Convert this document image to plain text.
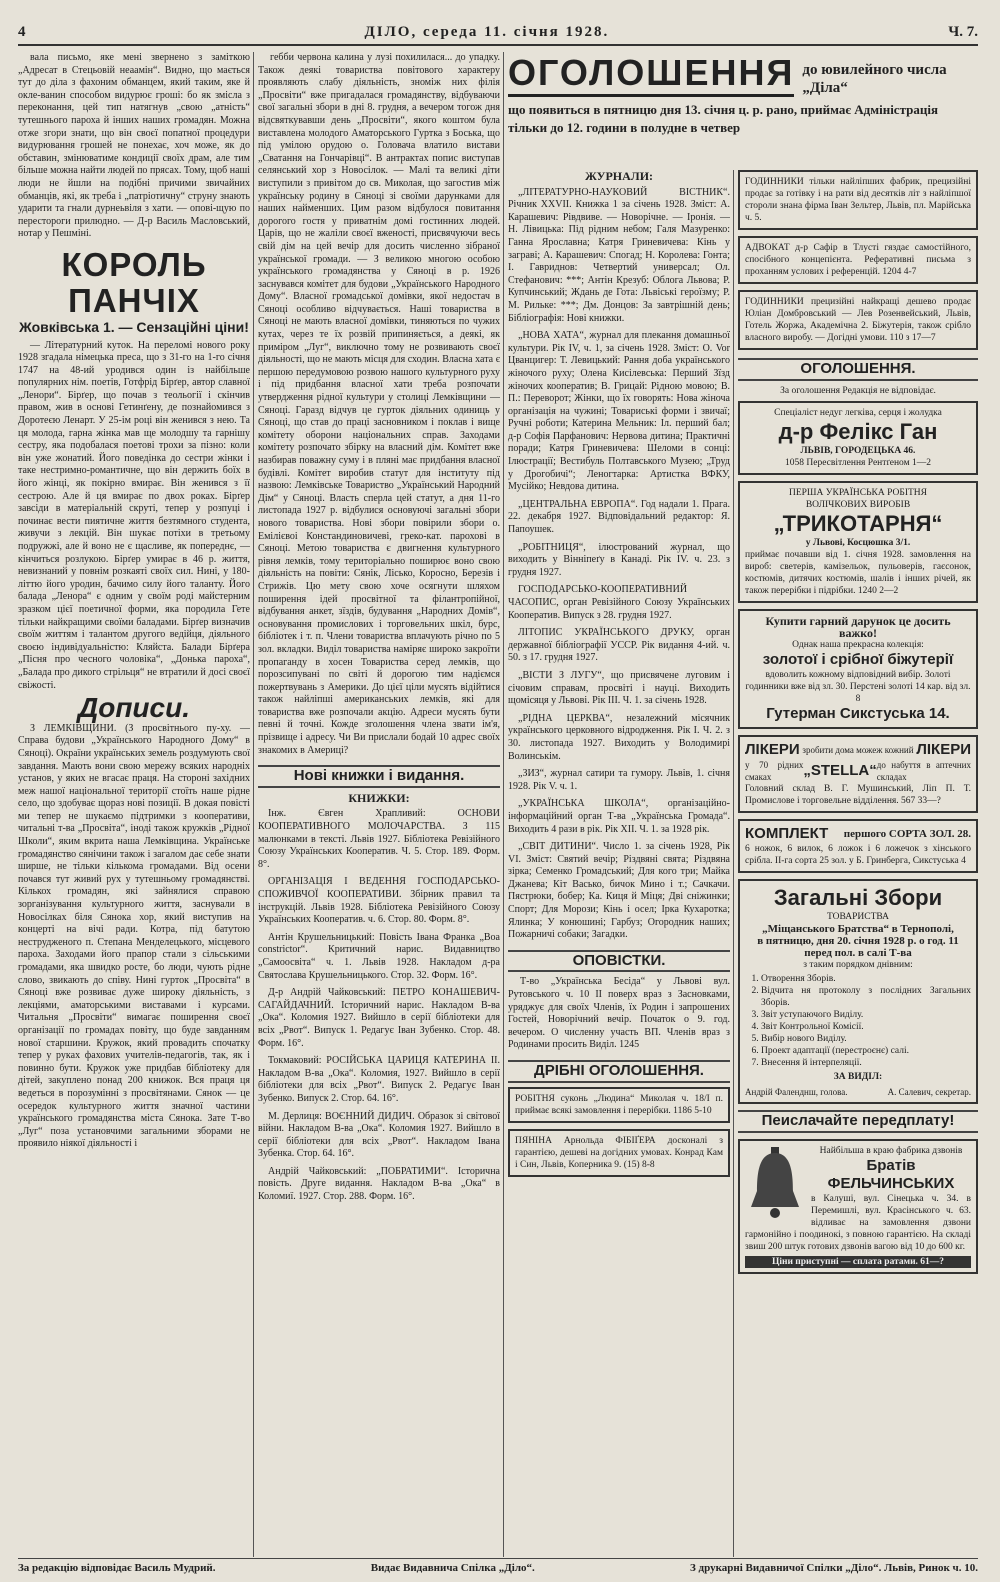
4	ДІЛО, середа 11. січня 1928.	Ч. 7.

вала письмо, яке мені звернено з заміткою „Адресат в Стецьовій неаамін“. Видно, що мається тут до діла з фахоним обманцем, який таким, яке й окле-ванин способом видурює гроші: бо як змісла з переконання, цей тип натягнув „свою „атність“ тутешнього пароха й інших наших громадян. Можна отже згори знати, що він своєї попатної процедури видурювання грошей не понехає, хоч може, як до обставин, змінюватиме кондиції своїх драм, але тим більше можна найти людей по прясах. Тому, щоб наші люди не йшли на подібні причими звичайних обманців, які, як треба і „патріотичну“ струну знають ударити та гнали дурнеьвіля з хати. — опові-щую по перестороги прилюдно. — Д-р Василь Масловський, нотар у Пешміні.

КОРОЛЬ ПАНЧІХ
Жовківська 1. — Сензаційні ціни!

— Літературний куток. На переломі нового року 1928 згадала німецька преса, що з 31-го на 1-го січня 1747 на 48-ий уродився один із найбільше популярних нім. поетів, Готфрід Бірґер, автор славної „Ленори“. Бірґер, що почав з теольогії і скінчив правом, жив в основі Гетинґену, де познайомився з Доротеєю Ленарт. У 25-ім році він женився з нею. Та ця молода, гарна жінка мав ще молодшу та гарнішу сестру, яка подобалася поетові трохи за пізно: коли він уже жонатий. Його поведінка до сестри жінки і таке нестримно-романтичне, що він держить боїх в його жінці, як покірно вмирає. Він женився з її сестрою. Але й ця вмирає по двох роках. Бірґер завсіди в матеріальній скруті, тепер у розпуці і починає вести пиятичне життя безтямного студента, живучи з лекцій. Він шукає потіхи в третьому подружжі, але й воно не є щасливе, як попереднє, — кінчиться розлукою. Бірґер умирає в 46 р. життя, невизнаний у повнім розкаяті своїх сил. Нині, у 180-літтю його уродин, бачимо силу його таланту. Його балада „Ленора“ є одним у своїм роді майстерним зразком цієї поетичної форми, яка породила Гете тільки найкращими своїми баладами. Бірґер визначив своїм життям і талантом другого ведійця, діяльного своєю індивідуальністю: Кляйста. Балади Бірґера „Пісня про чесного чоловіка“, „Донька пароха“, „Балада про дикого стрільця“ не втратили й досі своєї свіжості.

Дописи.

З ЛЕМКІВЩИНИ. (З просвітнього пу-ху. — Справа будови „Українського Народного Дому“ в Сяноці). Окраїни українських земель роздумують свої завдання. Мають вони свою мережу всяких народніх установ, у яких не вгасає праця. На стороні західних меж нашої національної території стоїть наше рідне село, що здобуває щораз нові позиції. В докая повісті ми тепер не шукаємо підтримки з кооперативи, читальні т-ва „Просвіта“, іноді також кружків „Рідної Школи“, яким вкрита наша Лемківщина. Українське громадянство сянічини також і загалом дає себе знати ширше, не тільки кількома громадами. Від осени почався тут живий рух у тутешньому громадянстві. Кількох громадян, які зайнялися справою зорганізування культурного життя, заснували в Новосілках біля Сянока хор, який виступив на концерті на вічі ради. Котра, під батутою неструдженого п. Степана Менделецького, місцевого пароха. Заходами його прапор стали з сільськими громадами, яка швидко росте, бо люди, чують рідне слово, звикають до співу. Нині гурток „Просвіта“ в Сяноці вже розвиває дуже широку діяльність, з лекціями, аматорськими виставами і курсами. Читальня „Просвіти“ вимагає поширення своєї організації по громадах повіту, що буде завданням нової старшини. Кружок, який провадить спочатку тепер у руках фахових учителів-педагогів, так, як і повинно бути. Кружок уже придбав бібліотеку для дітей, закуплено понад 200 книжок. Вся праця ця ведеться в порозумінні з просвітянами. Сянок — це осередок культурного життя значної частини українського громадянства міста Сянока. Зате Т-во „Луг“ поза установчими загальними зборами не проявило ніякої діяльності і

гебби червона калина у лузі похилилася... до упадку. Також деякі товариства повітового характеру проявляють слабу діяльність, зноміж них філія „Просвіти“ вже пригадалася громадянству, відбуваючи свої загальні збори в дні 8. грудня, а вечером тогож дня відсвяткувавши день „Просвіти“, якого коштом була виставлена молодого Аматорського Гуртка з Боська, що під умілою орудою о. Головача влатило вистави „Сватання на Гончарівці“. В антрактах попис виступав селянський хор з Новосілок. — Малі та великі діти виступили з привітом до св. Миколая, що загостив між українську родину в Сяноці зі своїми дарунками для наших найменших. Цим разом відбулося повитання дорогого гостя у приватнім домі гостинних людей. Царів, що не жаліли своєї вженості, присвячуючи весь свій дім на цей вечір для досить численно зібраної української громади. — З великою многою особою українського громадянства у Сяноці в р. 1926 заснувався комітет для будови „Українського Народного Дому“. Власної громадської домівки, якої недостач в Сяноці особливо відчувається. Наші товариства в Сяноці не мають власної домівки, тиняються по чужих кутах, через те їх розвій припиняється, а деякі, як приміром „Луг“, виключно тому не розвивають своєї діяльності, що не мають місця для сходин. Власна хата є першою передумовою розвою нашого культурного руху і під придбання власної хати треба розпочати утвердження рідної культури у столиці Лемківщини — Сяноці. Гаразд відчув це гурток діяльних одиниць у Сяноці, що став до праці засновником і поклав і вище комітету оборони національних справ. Заходами комітету розпочато збірку на власний дім. Комітет вже назбирав поважну суму і в пляні має придбання власної будівлі. Комітет виробив статут для інституту під назвою: Лемківське Товариство „Український Народний Дім“ у Сяноці. Власть сперла цей статут, а дня 11-го листопада 1927 р. відбулися основуючі загальні збори нового товариства. Нові збори повірили збори о. Емілієвоі Констандиновичеві, греко-кат. парохові в Сяноці. Метою товариства є двигнення культурного рівня лемків, тому територіально поширює воно свою діяльність на повіти: Сянік, Лісько, Коросно, Березів і Стрижів. Цю мету свою хоче осягнути шляхом поширення ідей просвітної та філантропійної, відбування анкет, зїздів, будування „Народних Домів“, основування промислових і торговельних шкіл, бурс, бібліотек і т. п. Члени товариства вплачують річно по 5 зол. вкладки. Виділ товариства наміряє широко закроїти пропаганду в хосен Товариства серед лемків, що порозсипувані по світі й дорогою тим надіємся пожертвувань з Америки. До цієї ціли мусять відійтися також найліпші американських лемків, які для товариства вже розпочали акцію. Адреси мусять бути певні й точні. Кожде зголошення члена звати ім'я, прізвище і адресу. Чи Ви прислали бодай 10 адрес своїх знакомих в Америці?

Нові книжки і видання.
КНИЖКИ:

Інж. Євген Храпливий: ОСНОВИ КООПЕРАТИВНОГО МОЛОЧАРСТВА. З 115 малюнками в тексті. Львів 1927. Бібліотека Ревізійного Союзу Українських Кооператив. Ч. 5. Стор. 189. Форм. 8°.

ОРГАНІЗАЦІЯ І ВЕДЕННЯ ГОСПОДАРСЬКО-СПОЖИВЧОЇ КООПЕРАТИВИ. Збірник правил та інструкцій. Львів 1928. Бібліотека Ревізійного Союзу Українських Кооператив. ч. 6. Стор. 80. Форм. 8°.

Антін Крушельницький: Повість Івана Франка „Boa constrictor“. Критичний нарис. Видавництво „Самоосвіта“ ч. 1. Львів 1928. Накладом д-ра Святослава Крушельницького. Стор. 32. Форм. 16°.

Д-р Андрій Чайковський: ПЕТРО КОНАШЕВИЧ-САГАЙДАЧНИЙ. Історичний нарис. Накладом В-ва „Ока“. Коломия 1927. Вийшло в серії бібліотеки для всіх „Рвот“. Випуск 1. Редагує Іван Зубенко. Стор. 48. Форм. 16°.

Токмаковий: РОСІЙСЬКА ЦАРИЦЯ КАТЕРИНА II. Накладом В-ва „Ока“. Коломия, 1927. Вийшло в серії бібліотеки для всіх „Рвот“. Випуск 2. Редагує Іван Зубенко. Випуск 2. Стор. 64. 16°.

М. Дерлиця: ВОЄННИЙ ДИДИЧ. Образок зі світової війни. Накладом В-ва „Ока“. Коломия 1927. Вийшло в серії бібліотеки для всіх „Рвот“. Накладом Івана Зубенка. Стор. 64. 16°.

Андрій Чайковський: „ПОБРАТИМИ“. Історична повість. Друге видання. Накладом В-ва „Ока“ в Коломиї. 1927. Стор. 288. Форм. 16°.

ОГОЛОШЕННЯ до ювилейного числа „Діла“
що появиться в пятницю дня 13. січня ц. р. рано, приймає Адміністрація тільки до 12. години в полудне в четвер
ЖУРНАЛИ:

„ЛІТЕРАТУРНО-НАУКОВИЙ ВІСТНИК“. Річник XXVII. Книжка 1 за січень 1928. Зміст: А. Карашевич: Рівдвиве. — Новорічне. — Іронія. — Н. Лівицька: Під рідним небом; Галя Мазуренко: Ганна Ярославна; Катря Гриневичева: Кінь у загравi; А. Карашевич: Спогад; Н. Королева: Гонта; І. Гавриднов: Четвертий универсал; Ол. Стефанович: ***; Антін Крезуб: Облога Львова; Р. Купчинський; Ждань де Гота: Львіські героїзму; Р. М. Рильке: ***; Дм. Донцов: За завтрішній день; Бібліографія: Нові книжки.

„НОВА ХАТА“, журнал для плекання домашньої культури. Рік IV, ч. 1, за січень 1928. Зміст: О. Vor Цванцигер: Т. Левицький: Рання доба українського жіночого руху; Олена Кисілевська: Перший Зїзд жіночих кооператив; В. Грицай: Рідною мовою; В. П.: Переворот; Жінки, що їх говорять: Нова жіноча організація на чужині; Товариські форми і звичаї; Ручні роботи; Катерина Мельник: Іл. перший бал; д-р Софія Парфанович: Нервова дитина; Практичні поради; Катря Гриневичева: Шеломи в сонці: Ілюстрації; Вестибуль Полтавського Музею; „Труд у Дрогобичі“; Леногтарка: Артистка ВФКУ, Мусійко; Невдова дитина.

„ЦЕНТРАЛЬНА ЕВРОПА“. Год надали 1. Прага. 22. декабря 1927. Відповідальний редактор: Я. Папоушек.

„РОБІТНИЦЯ“, ілюстрований журнал, що виходить у Вінніпеґу в Канаді. Рік IV. ч. 23. з грудня 1927.

ГОСПОДАРСЬКО-КООПЕРАТИВНИЙ ЧАСОПИС, орган Ревізійного Союзу Українських Кооператив. Випуск з 28. грудня 1927.

ЛІТОПИС УКРАЇНСЬКОГО ДРУКУ, орган державної бібліографії УССР. Рік видання 4-ий. ч. 50. з 17. грудня 1927.

„ВІСТИ З ЛУГУ“, що присвячене луговим і січовим справам, просвіті і науці. Виходить щомісяця у Львові. Рік III. Ч. 1. за січень 1928.

„РІДНА ЦЕРКВА“, незалежний місячник українського церковного відродження. Рік І. Ч. 2. з 30. листопада 1927. Виходить у Володимирі Волинськім.

„ЗИЗ“, журнал сатири та гумору. Львів, 1. січня 1928. Рік V. ч. 1.

„УКРАЇНСЬКА ШКОЛА“, організаційно-інформаційний орган Т-ва „Українська Громада“. Виходить 4 рази в рік. Рік XII. Ч. 1. за 1928 рік.

„СВІТ ДИТИНИ“. Число 1. за січень 1928, Рік VI. Зміст: Святий вечір; Різдвяні свята; Різдвяна зірка; Семенко Громадський; Для кого три; Майка Джанева; Кіт Васько, бичок Мино і т.; Сачкачи. Пястрюки, бобер; Ка. Киця й Міця; Дві сніжинки; Спорт; Для Морози; Кінь і осел; Ірка Кухаротка; Ялинка; У конюшині; Гарбуз; Огородник наших; Пожарничі собаки; Загадки.

ОПОВІСТКИ.

Т-во „Українська Бесіда“ у Львові вул. Рутовського ч. 10 ІІ поверх враз з Засновками, уряджує для своїх Членів, їх Родин і запрошених Гостей, Новорічний вечір. Початок о 9. год. вечером. О численну участь ВП. Членів враз з Родинами просить Виділ. 1245

ДРІБНІ ОГОЛОШЕННЯ.
РОБІТНЯ суконь „Людина“ Миколая ч. 18/І п. приймає всякі замовлення і перерібки. 1186 5-10
ПЯНІНА Арнольда ФІБІҐЕРА досконалі з гарантією, дешеві на догідних умовах. Конрад Кам і Син, Львів, Коперника 9. (15) 8-8
ГОДИННИКИ тільки найліпших фабрик, прецизійні продає за готівку і на рати від десятків літ з найліпшої стороли знана фірма Іван Зельтер, Львів, пл. Марійська ч. 5.
АДВОКАТ д-р Сафір в Тлусті гяздає самостійного, спосібного концепієнта. Реферативні письма з проханням услових і референцій. 1204 4-7
ГОДИННИКИ прецизійні найкращі дешево продає Юліан Домбровський — Лев Розенвейський, Львів, Готель Жоржа, Академічна 2. Біжутерія, також срібло власного виробу. — Догідні умови. 110 з 17—7
ОГОЛОШЕННЯ.
За оголошення Редакція не відповідає.
Спеціаліст недуг легківа, серця і жолудка
д-р Фелікс Ган
ЛЬВІВ, ГОРОДЕЦЬКА 46.
1058 Пересвітлення Рентґеном 1—2
ПЕРША УКРАЇНСЬКА РОБІТНЯ
ВОЛІЧКОВИХ ВИРОБІВ
„ТРИКОТАРНЯ“
у Львові, Косцюшка 3/1.
приймає почавши від 1. січня 1928. замовлення на вироб: светерів, камізельок, пульоверів, гаєсонок, костюмів, дитячих костюмів, шалів і інших річей, як також перерібки і підрібки. 1240 2—2
Купити гарний дарунок це досить важко!
Однак наша прекрасна колекція:
золотої і срібної біжутерії
вдоволить кожному відповідний вибір. Золоті годинники вже від зл. 30. Перстені золоті 14 кар. від зл. 8
Гутерман Сикстуська 14.
ЛІКЕРИ зробити дома можеж кожний ЛІКЕРИ
у 70 рідних смаках	„STELLA“ до набуття в аптечних складах
Головний склад В. Г. Мушинський, Ліп П. Т. Промислове і торговельне відділення. 567 33—?
КОМПЛЕКТ першого СОРТА ЗОЛ. 28.
6 ножок, 6 вилок, 6 ложок і 6 ложечок з хінського срібла. II-га сорта 25 зол. у Б. Гринберга, Сикстуська 4
Загальні Збори
ТОВАРИСТВА
„Міщанського Братства“ в Тернополі,
в пятницю, дня 20. січня 1928 р. о год. 11 перед пол. в салі Т-ва
з таким порядком днівним:
1. Отворення Зборів.
2. Відчита ня протоколу з послідних Загальних Зборів.
3. Звіт уступаючого Виділу.
4. Звіт Контрольної Комісії.
5. Вибір нового Виділу.
6. Проект адаптації (перестроєнє) салі.
7. Внесення й інтерпеляції.
ЗА ВИДІЛ:
Андрій Фаленднш, голова.	А. Салевич, секретар.
Пеислачайте передплату!
Найбільша в краю фабрика дзвонів
Братів ФЕЛЬЧИНСЬКИХ
в Калуші, вул. Сінецька ч. 34. в Перемишлі, вул. Красінського ч. 63. відливає на замовлення дзвони гармонійно і поодинокі, з повною гарантією. На складі звиш 200 штук готових дзвонів вагою від 10 до 600 кг.
Ціни приступні — сплата ратами. 61—?
За редакцію відповідає Василь Мудрий.	Видає Видавнича Спілка „Діло“.	З друкарні Видавничої Спілки „Діло“. Львів, Ринок ч. 10.
